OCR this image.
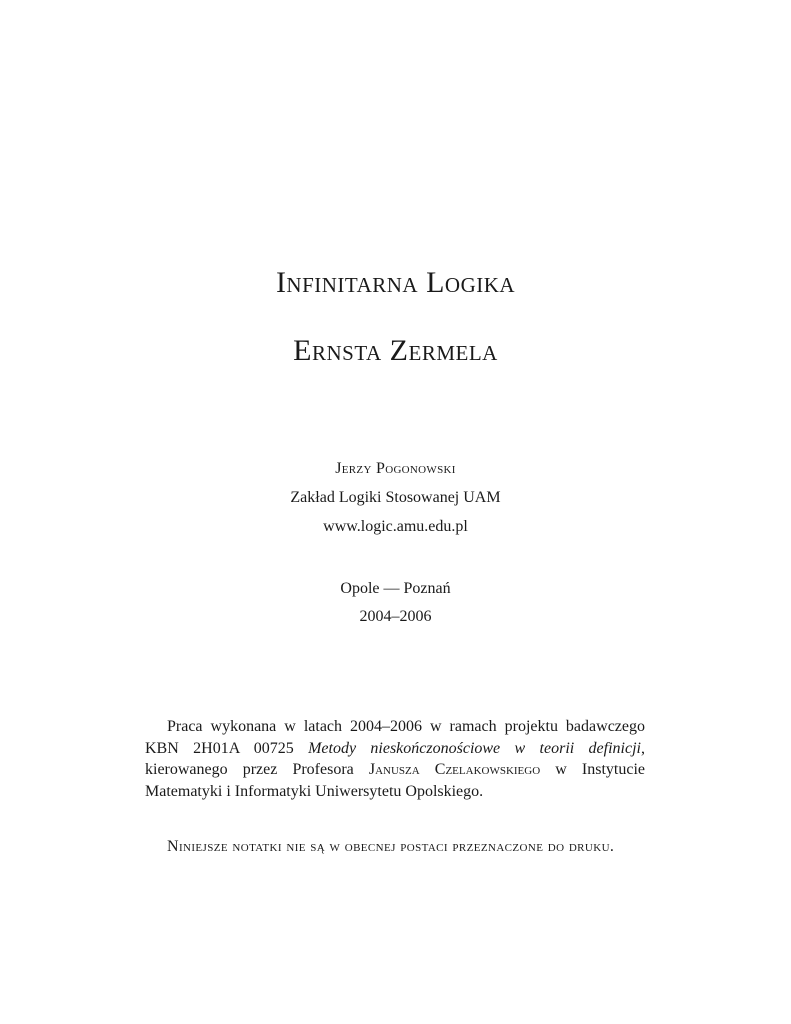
Infinitarna Logika
Ernsta Zermela
Jerzy Pogonowski
Zakład Logiki Stosowanej UAM
www.logic.amu.edu.pl
Opole — Poznań
2004–2006
Praca wykonana w latach 2004–2006 w ramach projektu badawczego KBN 2H01A 00725 Metody nieskończonościowe w teorii definicji, kierowanego przez Profesora Janusza Czelakowskiego w Instytucie Matematyki i Informatyki Uniwersytetu Opolskiego.
Niniejsze notatki nie są w obecnej postaci przeznaczone do druku.
